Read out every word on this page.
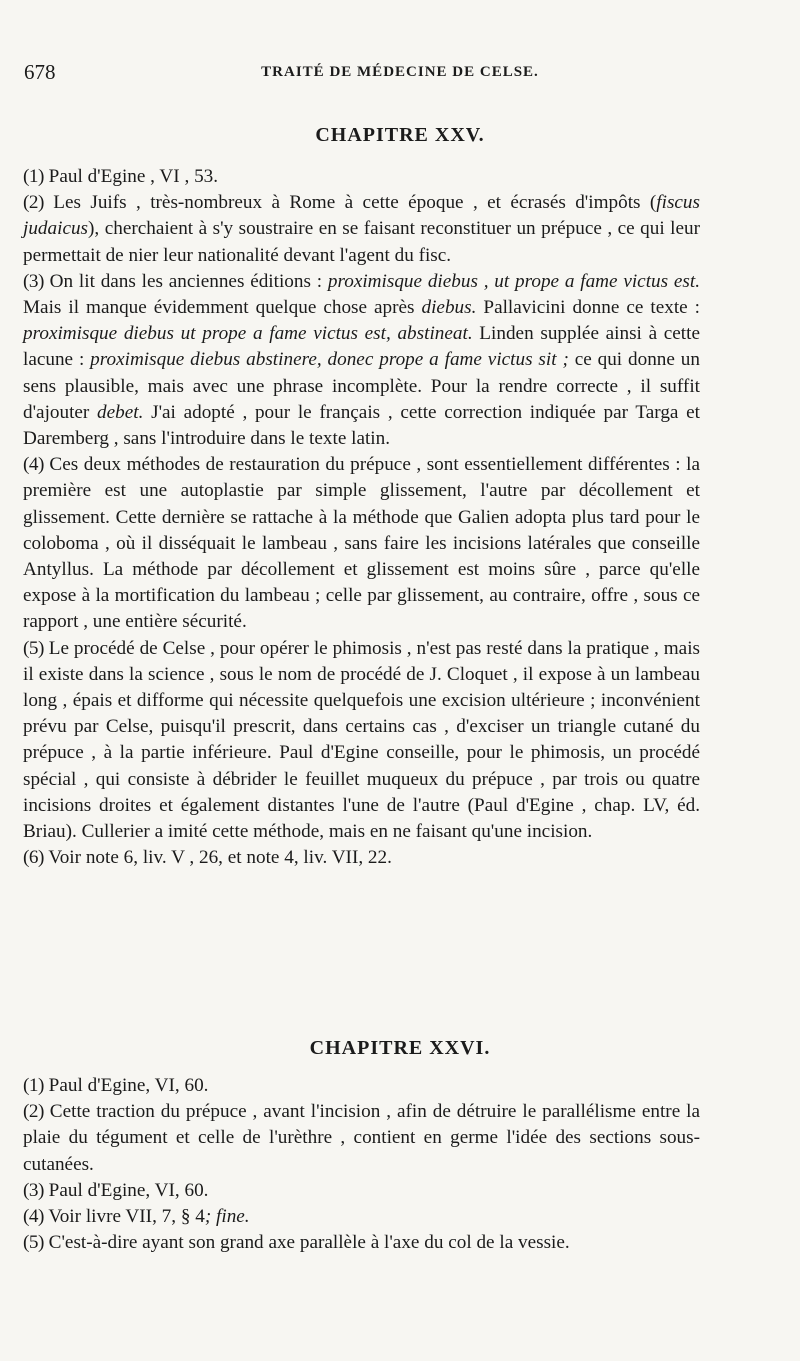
678	TRAITÉ DE MÉDECINE DE CELSE.
CHAPITRE XXV.

(1) Paul d'Egine , VI , 53.

(2) Les Juifs , très-nombreux à Rome à cette époque , et écrasés d'impôts (fiscus judaicus), cherchaient à s'y soustraire en se faisant reconstituer un prépuce , ce qui leur permettait de nier leur nationalité devant l'agent du fisc.

(3) On lit dans les anciennes éditions : proximisque diebus , ut prope a fame victus est. Mais il manque évidemment quelque chose après diebus. Pallavicini donne ce texte : proximisque diebus ut prope a fame victus est, abstineat. Linden supplée ainsi à cette lacune : proximisque diebus abstinere, donec prope a fame victus sit ; ce qui donne un sens plausible, mais avec une phrase incomplète. Pour la rendre correcte , il suffit d'ajouter debet. J'ai adopté , pour le français , cette correction indiquée par Targa et Daremberg , sans l'introduire dans le texte latin.

(4) Ces deux méthodes de restauration du prépuce , sont essentiellement différentes : la première est une autoplastie par simple glissement, l'autre par décollement et glissement. Cette dernière se rattache à la méthode que Galien adopta plus tard pour le coloboma , où il disséquait le lambeau , sans faire les incisions latérales que conseille Antyllus. La méthode par décollement et glissement est moins sûre , parce qu'elle expose à la mortification du lambeau ; celle par glissement, au contraire, offre , sous ce rapport , une entière sécurité.

(5) Le procédé de Celse , pour opérer le phimosis , n'est pas resté dans la pratique , mais il existe dans la science , sous le nom de procédé de J. Cloquet , il expose à un lambeau long , épais et difforme qui nécessite quelquefois une excision ultérieure ; inconvénient prévu par Celse, puisqu'il prescrit, dans certains cas , d'exciser un triangle cutané du prépuce , à la partie inférieure. Paul d'Egine conseille, pour le phimosis, un procédé spécial , qui consiste à débrider le feuillet muqueux du prépuce , par trois ou quatre incisions droites et également distantes l'une de l'autre (Paul d'Egine , chap. LV, éd. Briau). Cullerier a imité cette méthode, mais en ne faisant qu'une incision.

(6) Voir note 6, liv. V , 26, et note 4, liv. VII, 22.

CHAPITRE XXVI.

(1) Paul d'Egine, VI, 60.

(2) Cette traction du prépuce , avant l'incision , afin de détruire le parallélisme entre la plaie du tégument et celle de l'urèthre , contient en germe l'idée des sections sous-cutanées.

(3) Paul d'Egine, VI, 60.

(4) Voir livre VII, 7, § 4; fine.

(5) C'est-à-dire ayant son grand axe parallèle à l'axe du col de la vessie.
